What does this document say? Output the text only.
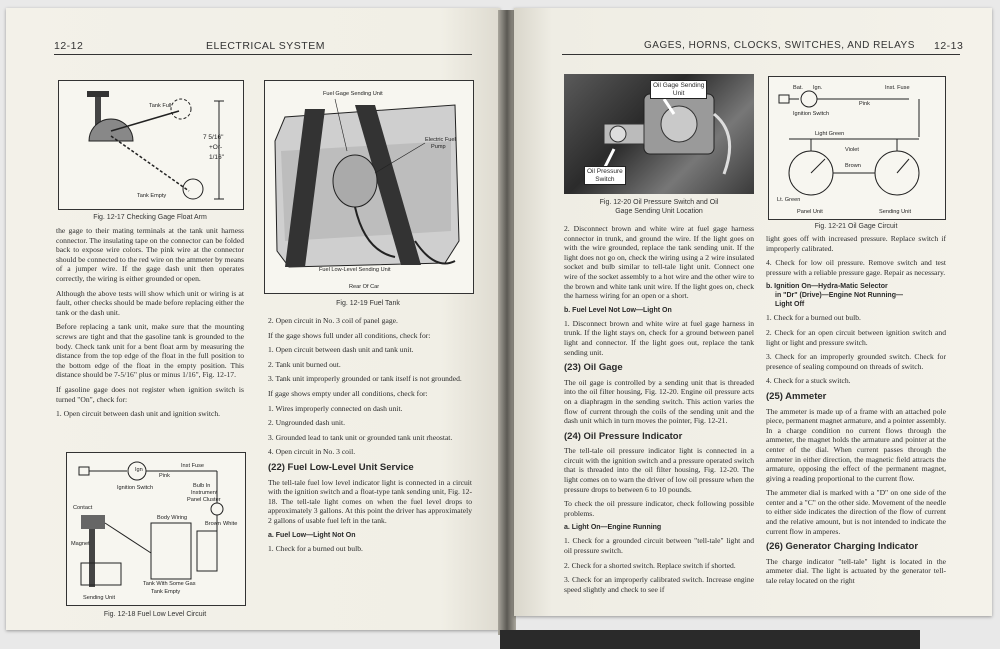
12-12	ELECTRICAL SYSTEM
Tank Full
Tank Empty
7 5/16"
+Or-
1/16"
Fig. 12-17 Checking Gage Float Arm
Fuel Gage Sending Unit
Electric Fuel
Pump
Fuel Low-Level Sending Unit
Rear Of Car
Fig. 12-19 Fuel Tank

the gage to their mating terminals at the tank unit harness connector. The insulating tape on the connector can be folded back to expose wire colors. The pink wire at the connector should be connected to the red wire on the ammeter by means of a jumper wire. If the gage dash unit then operates correctly, the wiring is either grounded or open.

Although the above tests will show which unit or wiring is at fault, other checks should be made before replacing either the tank or the dash unit.

Before replacing a tank unit, make sure that the mounting screws are tight and that the gasoline tank is grounded to the body. Check tank unit for a bent float arm by measuring the distance from the top edge of the float in the full position to the bottom edge of the float in the empty position. This distance should be 7-5/16" plus or minus 1/16", Fig. 12-17.

If gasoline gage does not register when ignition switch is turned "On", check for:

1. Open circuit between dash unit and ignition switch.

Ign
Pink
Inst Fuse
Ignition Switch	Bulb In
Instrument
Panel Cluster
Contact
Body Wiring
Brown White
Magnet
Tank With Some Gas
Tank Empty
Sending Unit
Fig. 12-18 Fuel Low Level Circuit

2. Open circuit in No. 3 coil of panel gage.

If the gage shows full under all conditions, check for:

1. Open circuit between dash unit and tank unit.

2. Tank unit burned out.

3. Tank unit improperly grounded or tank itself is not grounded.

If gage shows empty under all conditions, check for:

1. Wires improperly connected on dash unit.

2. Ungrounded dash unit.

3. Grounded lead to tank unit or grounded tank unit rheostat.

4. Open circuit in No. 3 coil.

(22) Fuel Low-Level Unit Service

The tell-tale fuel low level indicator light is connected in a circuit with the ignition switch and a float-type tank sending unit, Fig. 12-18. The tell-tale light comes on when the fuel level drops to approximately 3 gallons. At this point the driver has approximately 2 gallons of usable fuel left in the tank.

a. Fuel Low—Light Not On

1. Check for a burned out bulb.

GAGES, HORNS, CLOCKS, SWITCHES, AND RELAYS 12-13
Oil Gage Sending
Unit
Oil Pressure
Switch
Fig. 12-20 Oil Pressure Switch and Oil
Gage Sending Unit Location
Bat. Ign.
Pink
Inst. Fuse
Ignition Switch
Light Green
Violet
Brown
Lt. Green
Panel Unit	Sending Unit
Fig. 12-21 Oil Gage Circuit

2. Disconnect brown and white wire at fuel gage harness connector in trunk, and ground the wire. If the light goes on with the wire grounded, replace the tank sending unit. If the light does not go on, check the wiring using a 2 wire insulated socket and bulb similar to tell-tale light unit. Connect one wire of the socket assembly to a hot wire and the other wire to the brown and white tank unit wire. If the light goes on, check the harness wiring for an open or a short.

b. Fuel Level Not Low—Light On

1. Disconnect brown and white wire at fuel gage harness in trunk. If the light stays on, check for a ground between panel light and connector. If the light goes out, replace the tank sending unit.

(23) Oil Gage

The oil gage is controlled by a sending unit that is threaded into the oil filter housing, Fig. 12-20. Engine oil pressure acts on a diaphragm in the sending switch. This action varies the flow of current through the coils of the sending unit and the dash unit which in turn moves the pointer, Fig. 12-21.

(24) Oil Pressure Indicator

The tell-tale oil pressure indicator light is connected in a circuit with the ignition switch and a pressure operated switch that is threaded into the oil filter housing, Fig. 12-20. The light comes on to warn the driver of low oil pressure when the pressure drops to between 6 to 10 pounds.

To check the oil pressure indicator, check following possible problems.

a. Light On—Engine Running

1. Check for a grounded circuit between "tell-tale" light and oil pressure switch.

2. Check for a shorted switch. Replace switch if shorted.

3. Check for an improperly calibrated switch. Increase engine speed slightly and check to see if

light goes off with increased pressure. Replace switch if improperly calibrated.

4. Check for low oil pressure. Remove switch and test pressure with a reliable pressure gage. Repair as necessary.

b. Ignition On—Hydra-Matic Selector
in "Dr" (Drive)—Engine Not Running—
Light Off

1. Check for a burned out bulb.

2. Check for an open circuit between ignition switch and light or light and pressure switch.

3. Check for an improperly grounded switch. Check for presence of sealing compound on threads of switch.

4. Check for a stuck switch.

(25) Ammeter

The ammeter is made up of a frame with an attached pole piece, permanent magnet armature, and a pointer assembly. In a charge condition no current flows through the ammeter, the magnet holds the armature and pointer at the center of the dial. When current passes through the ammeter in either direction, the magnetic field attracts the armature, opposing the effect of the permanent magnet, giving a reading proportional to the current flow.

The ammeter dial is marked with a "D" on one side of the center and a "C" on the other side. Movement of the needle to either side indicates the direction of the flow of current and the relative amount, but is not intended to indicate the current flow in amperes.

(26) Generator Charging Indicator

The charge indicator "tell-tale" light is located in the ammeter dial. The light is actuated by the generator tell-tale relay located on the right
